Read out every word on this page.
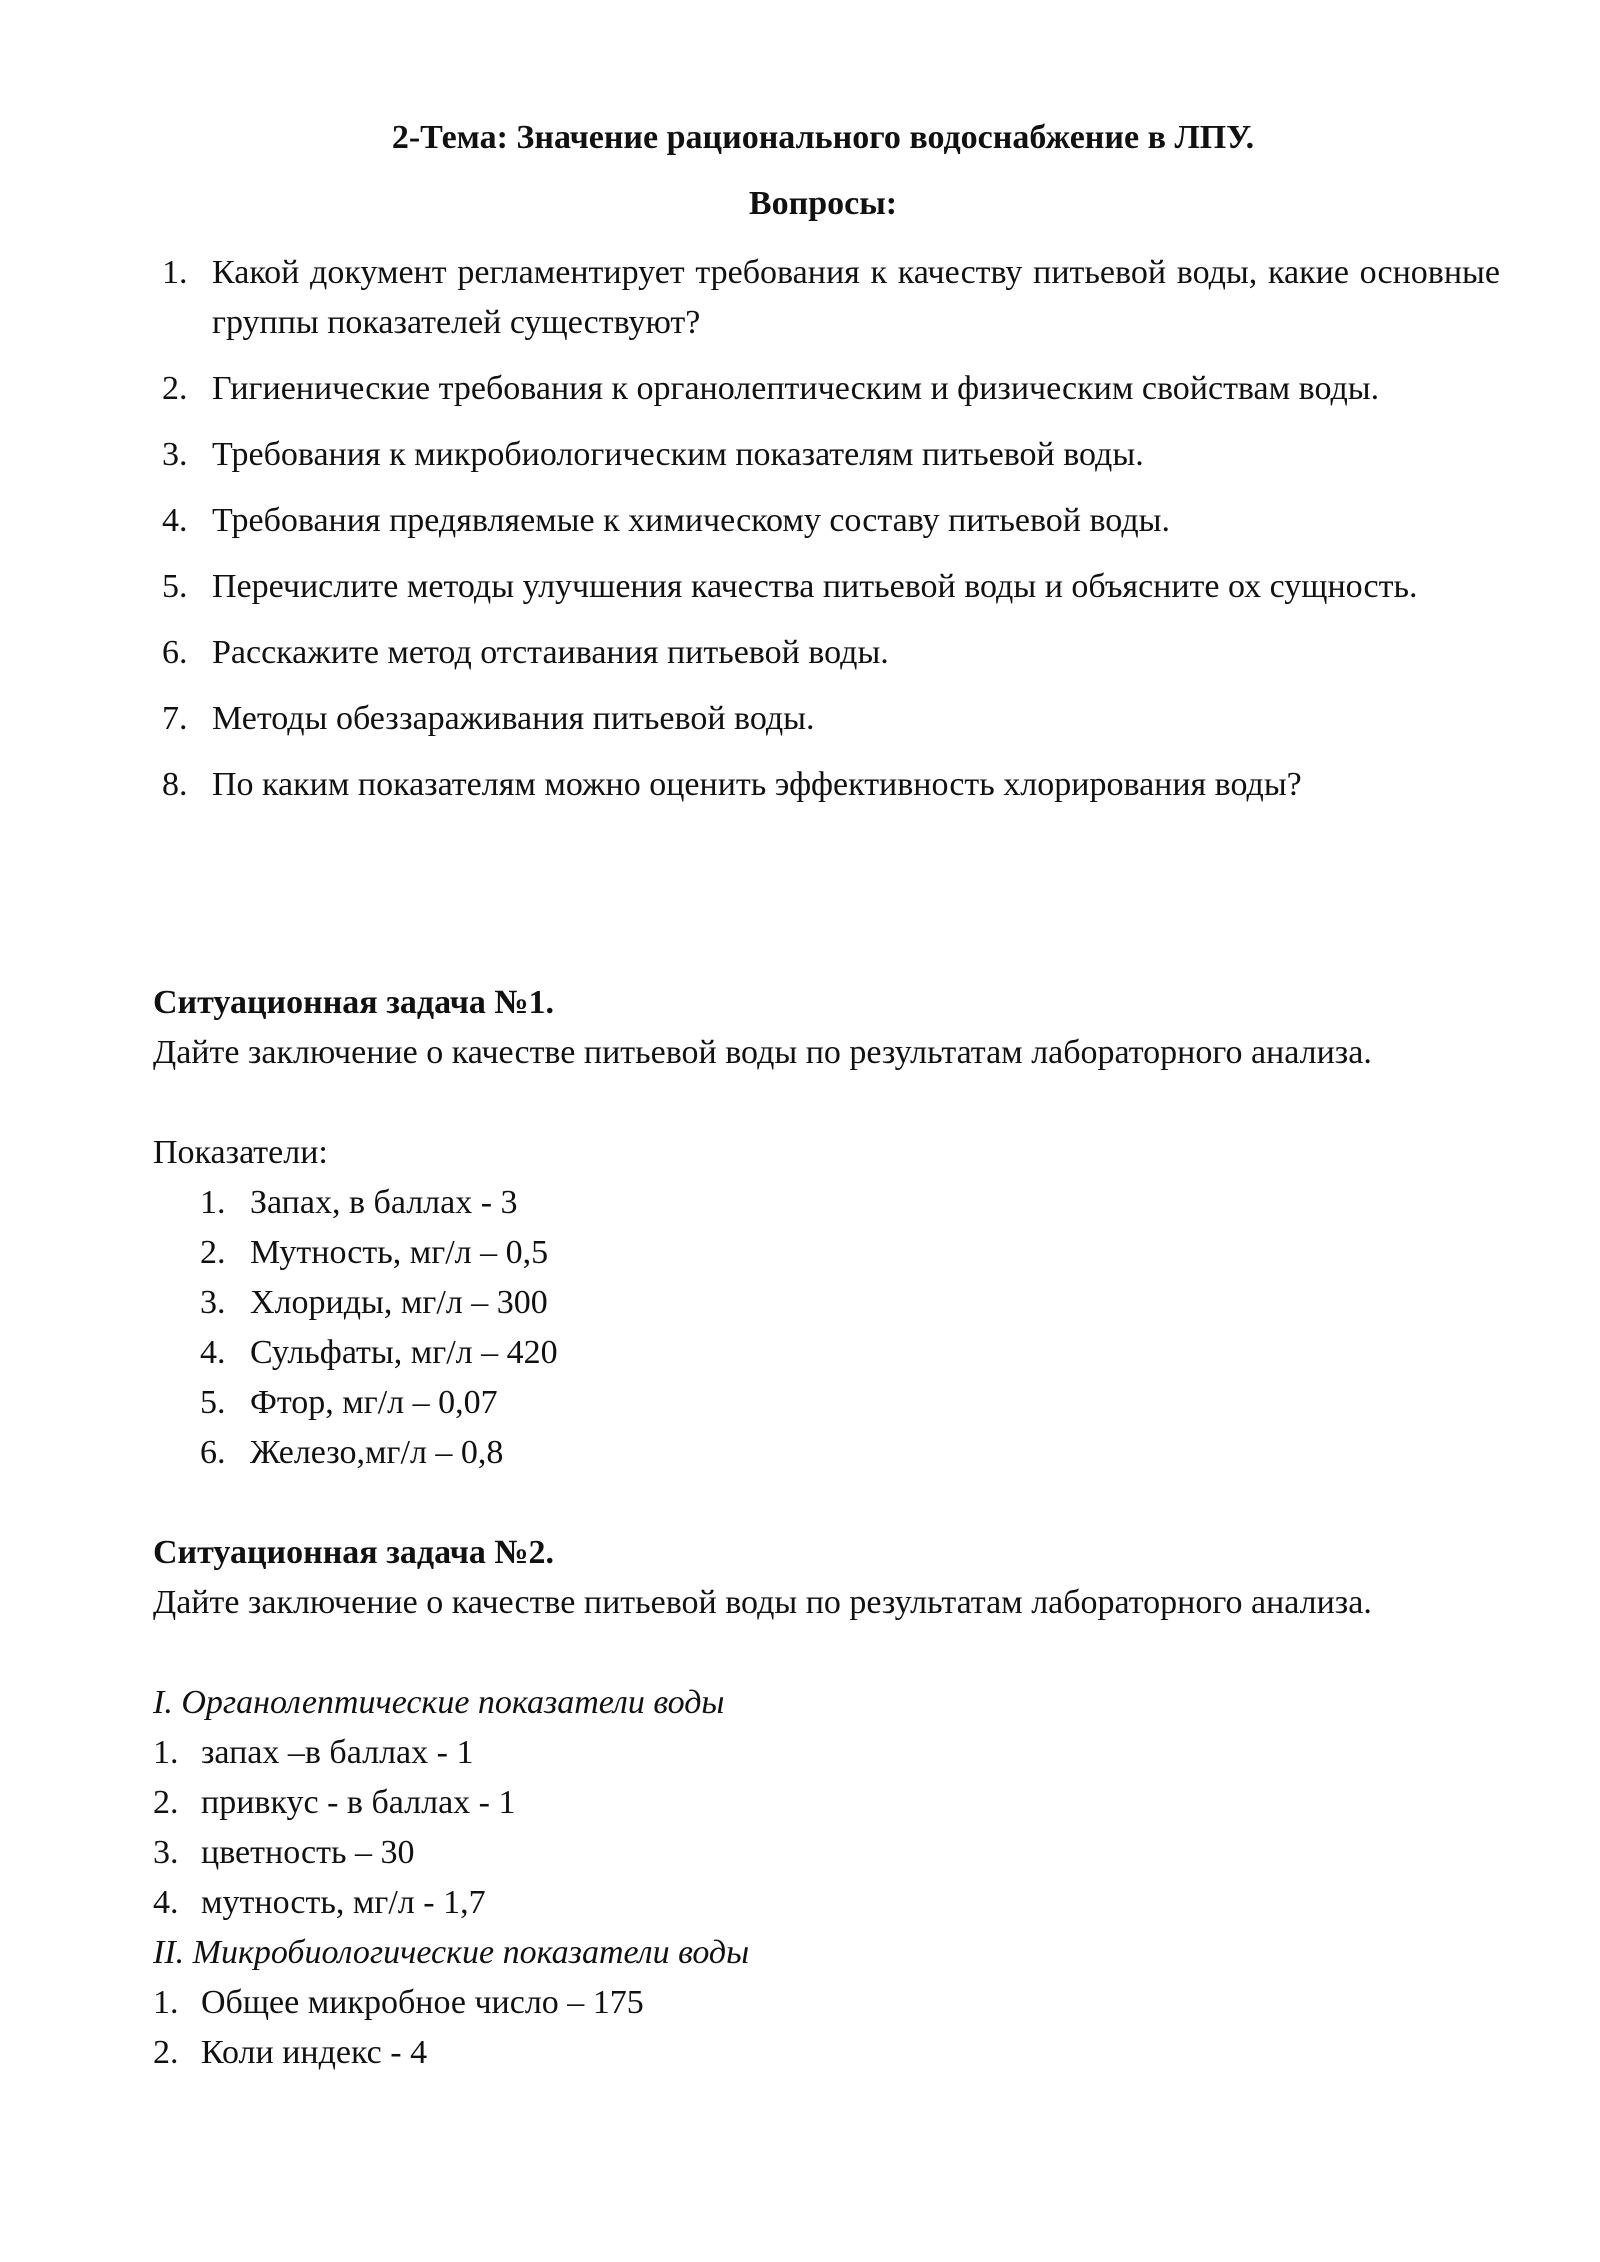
2-Тема: Значение рационального водоснабжение в ЛПУ.
Вопросы:
1. Какой документ регламентирует требования к качеству питьевой воды, какие основные группы показателей существуют?
2. Гигиенические требования к органолептическим и физическим свойствам воды.
3. Требования к микробиологическим показателям питьевой воды.
4. Требования предявляемые к химическому составу питьевой воды.
5. Перечислите методы улучшения качества питьевой воды и объясните ох сущность.
6. Расскажите метод отстаивания питьевой воды.
7. Методы обеззараживания питьевой воды.
8. По каким показателям можно оценить эффективность хлорирования воды?
Ситуационная задача №1.
Дайте заключение о качестве питьевой воды по результатам лабораторного анализа.
Показатели:
1. Запах, в баллах - 3
2. Мутность, мг/л – 0,5
3. Хлориды, мг/л – 300
4. Сульфаты, мг/л – 420
5. Фтор, мг/л – 0,07
6. Железо,мг/л – 0,8
Ситуационная задача №2.
Дайте заключение о качестве питьевой воды по результатам лабораторного анализа.
I. Органолептические показатели воды
1. запах –в баллах - 1
2. привкус - в баллах - 1
3. цветность – 30
4. мутность, мг/л - 1,7
II. Микробиологические показатели воды
1. Общее микробное число – 175
2. Коли индекс - 4
